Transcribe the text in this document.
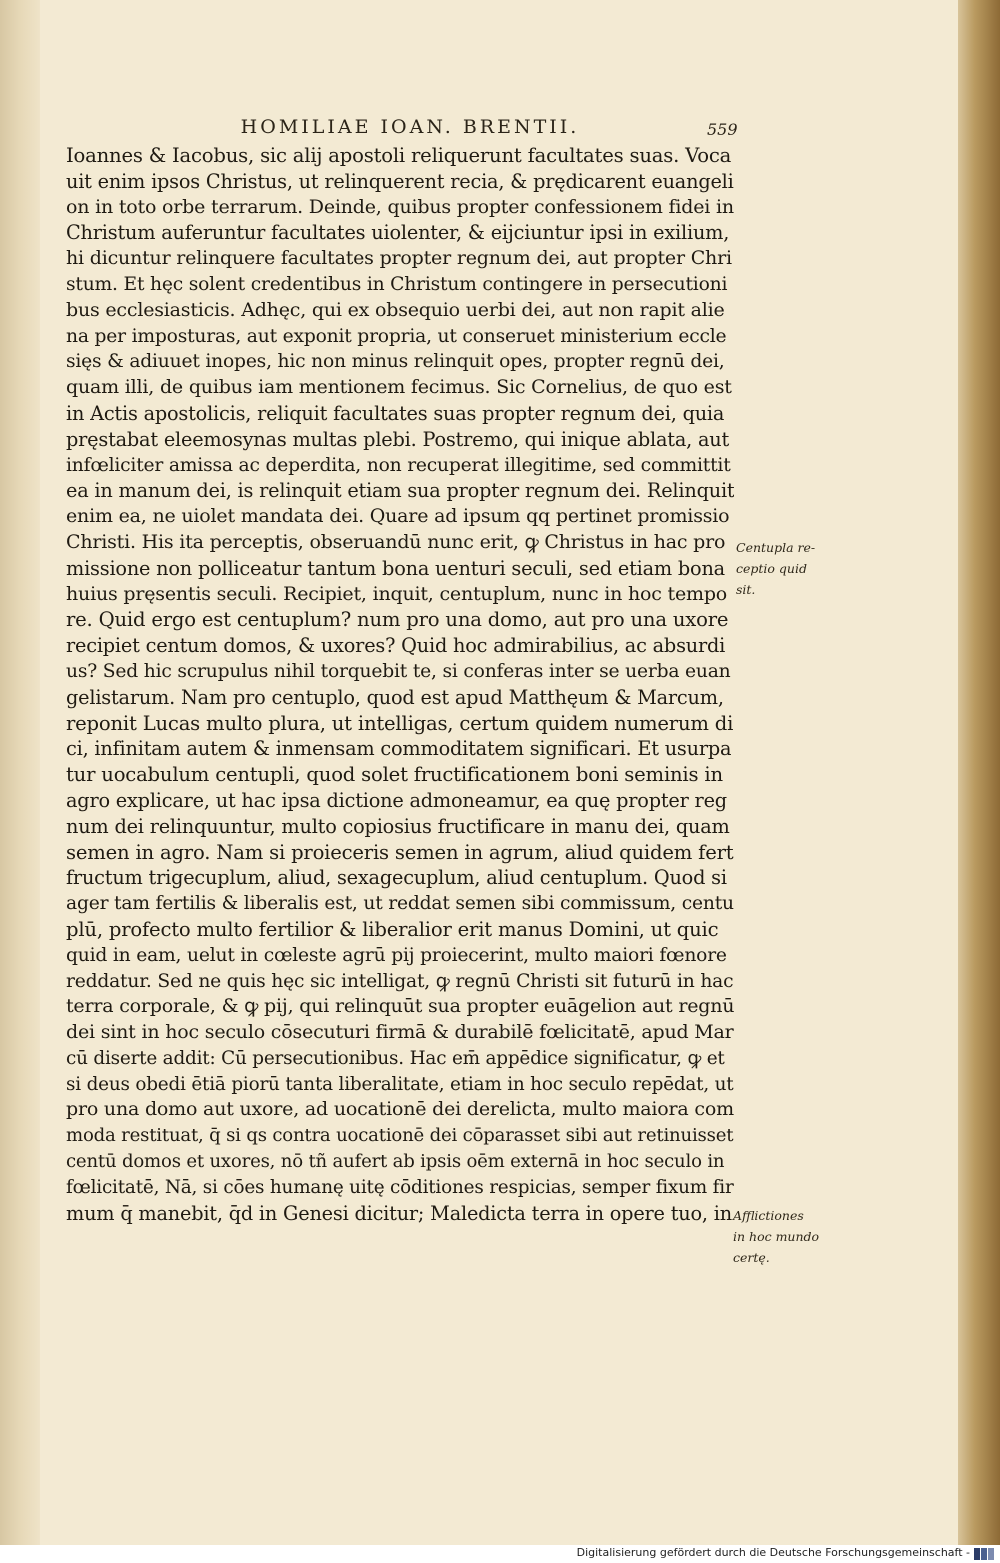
HOMILIAE IOAN. BRENTII.	559
Ioannes & Iacobus, sic alij apostoli reliquerunt facultates suas. Voca
uit enim ipsos Christus, ut relinquerent recia, & prędicarent euangeli
on in toto orbe terrarum. Deinde, quibus propter confessionem fidei in
Christum auferuntur facultates uiolenter, & eijciuntur ipsi in exilium,
hi dicuntur relinquere facultates propter regnum dei, aut propter Chri
stum. Et hęc solent credentibus in Christum contingere in persecutioni
bus ecclesiasticis. Adhęc, qui ex obsequio uerbi dei, aut non rapit alie
na per imposturas, aut exponit propria, ut conseruet ministerium eccle
sięs & adiuuet inopes, hic non minus relinquit opes, propter regnū dei,
quam illi, de quibus iam mentionem fecimus. Sic Cornelius, de quo est
in Actis apostolicis, reliquit facultates suas propter regnum dei, quia
pręstabat eleemosynas multas plebi. Postremo, qui inique ablata, aut
infœliciter amissa ac deperdita, non recuperat illegitime, sed committit
ea in manum dei, is relinquit etiam sua propter regnum dei. Relinquit
enim ea, ne uiolet mandata dei. Quare ad ipsum qq pertinet promissio
Christi. His ita perceptis, obseruandū nunc erit, ꝙ Christus in hac pro
missione non polliceatur tantum bona uenturi seculi, sed etiam bona
huius pręsentis seculi. Recipiet, inquit, centuplum, nunc in hoc tempo
re. Quid ergo est centuplum? num pro una domo, aut pro una uxore
recipiet centum domos, & uxores? Quid hoc admirabilius, ac absurdi
us? Sed hic scrupulus nihil torquebit te, si conferas inter se uerba euan
gelistarum. Nam pro centuplo, quod est apud Matthęum & Marcum,
reponit Lucas multo plura, ut intelligas, certum quidem numerum di
ci, infinitam autem & inmensam commoditatem significari. Et usurpa
tur uocabulum centupli, quod solet fructificationem boni seminis in
agro explicare, ut hac ipsa dictione admoneamur, ea quę propter reg
num dei relinquuntur, multo copiosius fructificare in manu dei, quam
semen in agro. Nam si proieceris semen in agrum, aliud quidem fert
fructum trigecuplum, aliud, sexagecuplum, aliud centuplum. Quod si
ager tam fertilis & liberalis est, ut reddat semen sibi commissum, centu
plū, profecto multo fertilior & liberalior erit manus Domini, ut quic
quid in eam, uelut in cœleste agrū pij proiecerint, multo maiori fœnore
reddatur. Sed ne quis hęc sic intelligat, ꝙ regnū Christi sit futurū in hac
terra corporale, & ꝙ pij, qui relinquūt sua propter euāgelion aut regnū
dei sint in hoc seculo cōsecuturi firmā & durabilē fœlicitatē, apud Mar
cū diserte addit: Cū persecutionibus. Hac em̄ appēdice significatur, ꝙ et
si deus obedi ētiā piorū tanta liberalitate, etiam in hoc seculo repēdat, ut
pro una domo aut uxore, ad uocationē dei derelicta, multo maiora com
moda restituat, q̄ si qs contra uocationē dei cōparasset sibi aut retinuisset
centū domos et uxores, nō tñ aufert ab ipsis oēm externā in hoc seculo in
fœlicitatē, Nā, si cōes humanę uitę cōditiones respicias, semper fixum fir
mum q̄ manebit, q̄d in Genesi dicitur; Maledicta terra in opere tuo, in
Centupla re-
ceptio quid
sit.
Afflictiones
in hoc mundo
certę.
Digitalisierung gefördert durch die Deutsche Forschungsgemeinschaft -
